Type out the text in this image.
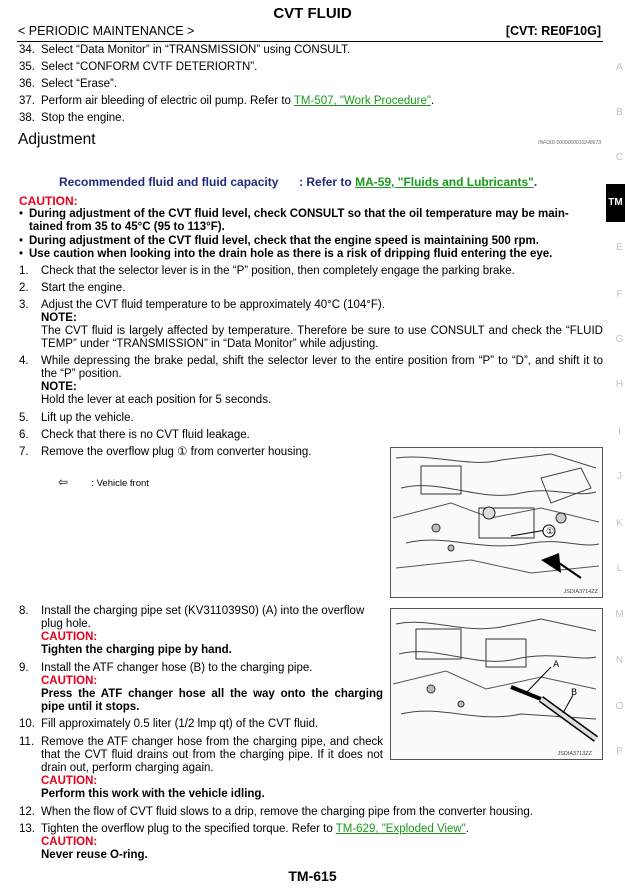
CVT FLUID
< PERIODIC MAINTENANCE >	[CVT: RE0F10G]
34. Select “Data Monitor” in “TRANSMISSION” using CONSULT.
35. Select “CONFORM CVTF DETERIORTN”.
36. Select “Erase”.
37. Perform air bleeding of electric oil pump. Refer to TM-507, "Work Procedure".
38. Stop the engine.
Adjustment	INFOID:0000000010248673
Recommended fluid and fluid capacity : Refer to MA-59, "Fluids and Lubricants".
CAUTION:
• During adjustment of the CVT fluid level, check CONSULT so that the oil temperature may be main-
tained from 35 to 45°C (95 to 113°F).
• During adjustment of the CVT fluid level, check that the engine speed is maintaining 500 rpm.
• Use caution when looking into the drain hole as there is a risk of dripping fluid entering the eye.
1. Check that the selector lever is in the “P” position, then completely engage the parking brake.
2. Start the engine.
3. Adjust the CVT fluid temperature to be approximately 40°C (104°F).
NOTE:
The CVT fluid is largely affected by temperature. Therefore be sure to use CONSULT and check the “FLUID TEMP” under “TRANSMISSION” in “Data Monitor” while adjusting.
4. While depressing the brake pedal, shift the selector lever to the entire position from “P” to “D”, and shift it to the “P” position.
NOTE:
Hold the lever at each position for 5 seconds.
5. Lift up the vehicle.
6. Check that there is no CVT fluid leakage.
7. Remove the overflow plug ① from converter housing.
⇦ : Vehicle front
①
JSDIA3714ZZ
8. Install the charging pipe set (KV311039S0) (A) into the overflow plug hole.
CAUTION:
Tighten the charging pipe by hand.
9. Install the ATF changer hose (B) to the charging pipe.
CAUTION:
Press the ATF changer hose all the way onto the charging pipe until it stops.
10. Fill approximately 0.5 liter (1/2 lmp qt) of the CVT fluid.
11. Remove the ATF changer hose from the charging pipe, and check that the CVT fluid drains out from the charging pipe. If it does not drain out, perform charging again.
CAUTION:
Perform this work with the vehicle idling.
A
B
JSDIA3713ZZ
12. When the flow of CVT fluid slows to a drip, remove the charging pipe from the converter housing.
13. Tighten the overflow plug to the specified torque. Refer to TM-629, "Exploded View".
CAUTION:
Never reuse O-ring.
TM-615
A
B
C
TM
E
F
G
H
I
J
K
L
M
N
O
P
